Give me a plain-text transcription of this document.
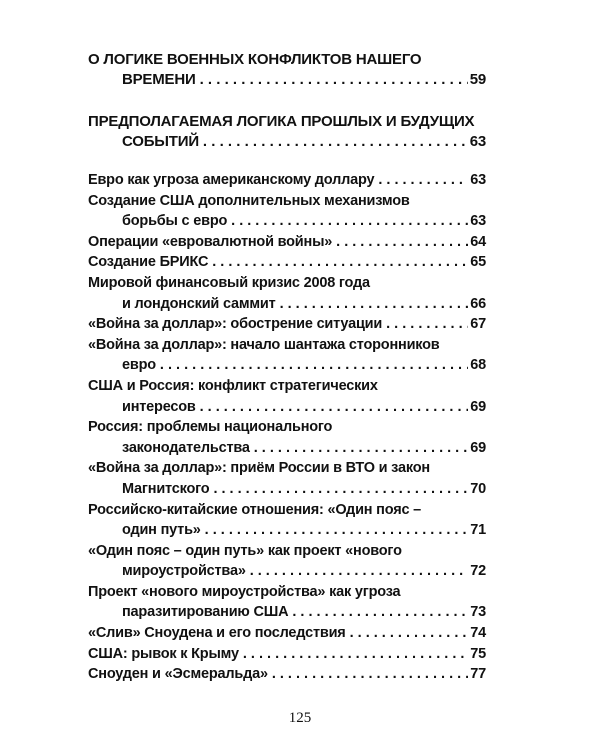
О ЛОГИКЕ ВОЕННЫХ КОНФЛИКТОВ НАШЕГО
ВРЕМЕНИ . . .	59
ПРЕДПОЛАГАЕМАЯ ЛОГИКА ПРОШЛЫХ И БУДУЩИХ
СОБЫТИЙ . . .	63
Евро как угроза американскому доллару . . .	63
Создание США дополнительных механизмов
борьбы с евро . . .	63
Операции «евровалютной войны» . . .	64
Создание БРИКС . . .	65
Мировой финансовый кризис 2008 года
и лондонский саммит . . .	66
«Война за доллар»: обострение ситуации . . .	67
«Война за доллар»: начало шантажа сторонников
евро . . .	68
США и Россия: конфликт стратегических
интересов . . .	69
Россия: проблемы национального
законодательства . . .	69
«Война за доллар»: приём России в ВТО и закон
Магнитского . . .	70
Российско-китайские отношения: «Один пояс –
один путь» . . .	71
«Один пояс – один путь» как проект «нового
мироустройства» . . .	72
Проект «нового мироустройства» как угроза
паразитированию США . . .	73
«Слив» Сноудена и его последствия . . .	74
США: рывок к Крыму . . .	75
Сноуден и «Эсмеральда» . . .	77
125
